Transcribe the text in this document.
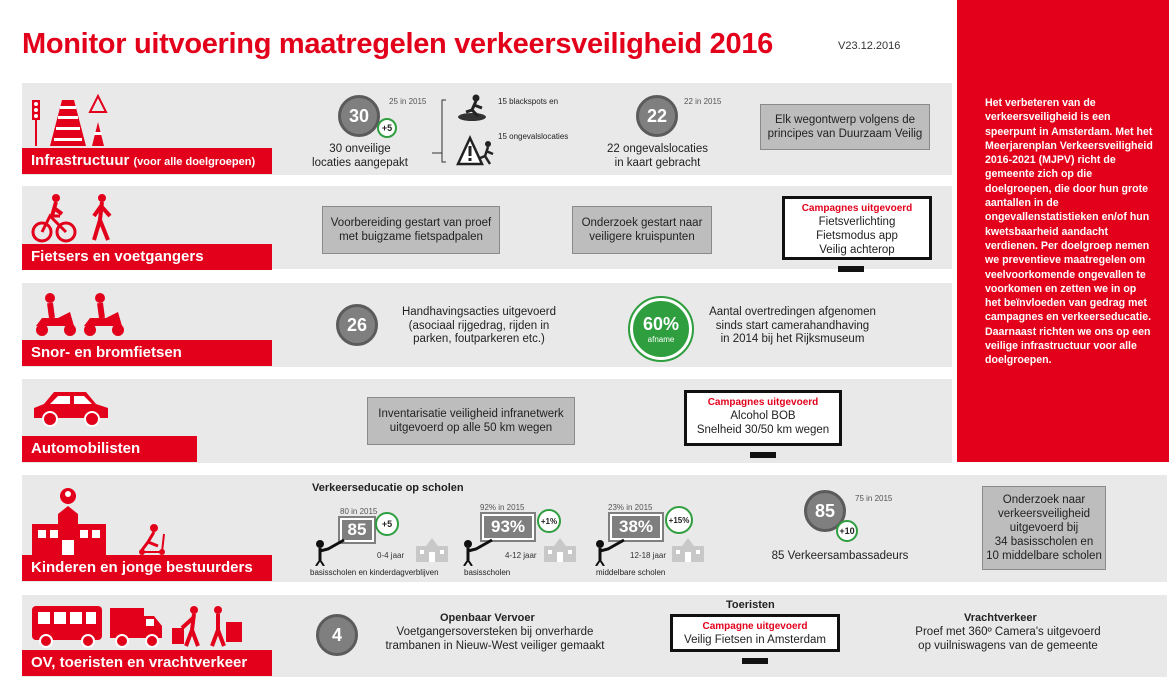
Monitor uitvoering maatregelen verkeersveiligheid 2016	V23.12.2016
Het verbeteren van de verkeersveiligheid is een speerpunt in Amsterdam. Met het Meerjarenplan Verkeersveiligheid 2016-2021 (MJPV) richt de gemeente zich op die doelgroepen, die door hun grote aantallen in de ongevallenstatistieken en/of hun kwetsbaarheid aandacht verdienen. Per doelgroep nemen we preventieve maatregelen om veelvoorkomende ongevallen te voorkomen en zetten we in op het beïnvloeden van gedrag met campagnes en verkeerseducatie. Daarnaast richten we ons op een veilige infrastructuur voor alle doelgroepen.
Infrastructuur (voor alle doelgroepen)
30
+5
25 in 2015
30 onveilige
locaties aangepakt
15 blackspots en
15 ongevalslocaties
22
22 in 2015
22 ongevalslocaties
in kaart gebracht
Elk wegontwerp volgens de
principes van Duurzaam Veilig
Fietsers en voetgangers
Voorbereiding gestart van proef
met buigzame fietspadpalen
Onderzoek gestart naar
veiligere kruispunten
Campagnes uitgevoerd
Fietsverlichting
Fietsmodus app
Veilig achterop
Snor- en bromfietsen
26
Handhavingsacties uitgevoerd
(asociaal rijgedrag, rijden in
parken, foutparkeren etc.)
60%
afname
Aantal overtredingen afgenomen
sinds start camerahandhaving
in 2014 bij het Rijksmuseum
Automobilisten
Inventarisatie veiligheid infranetwerk
uitgevoerd op alle 50 km wegen
Campagnes uitgevoerd
Alcohol BOB
Snelheid 30/50 km wegen
Kinderen en jonge bestuurders
Verkeerseducatie op scholen
80 in 2015
85	+5
0-4 jaar
basisscholen en kinderdagverblijven
92% in 2015
93%	+1%
4-12 jaar
basisscholen
23% in 2015
38%	+15%
12-18 jaar
middelbare scholen
85
+10
75 in 2015
85 Verkeersambassadeurs
Onderzoek naar
verkeersveiligheid
uitgevoerd bij
34 basisscholen en
10 middelbare scholen
OV, toeristen en vrachtverkeer
4
Openbaar Vervoer
Voetgangersoversteken bij onverharde
trambanen in Nieuw-West veiliger gemaakt
Toeristen
Campagne uitgevoerd
Veilig Fietsen in Amsterdam
Vrachtverkeer
Proef met 360º Camera's uitgevoerd
op vuilniswagens van de gemeente
